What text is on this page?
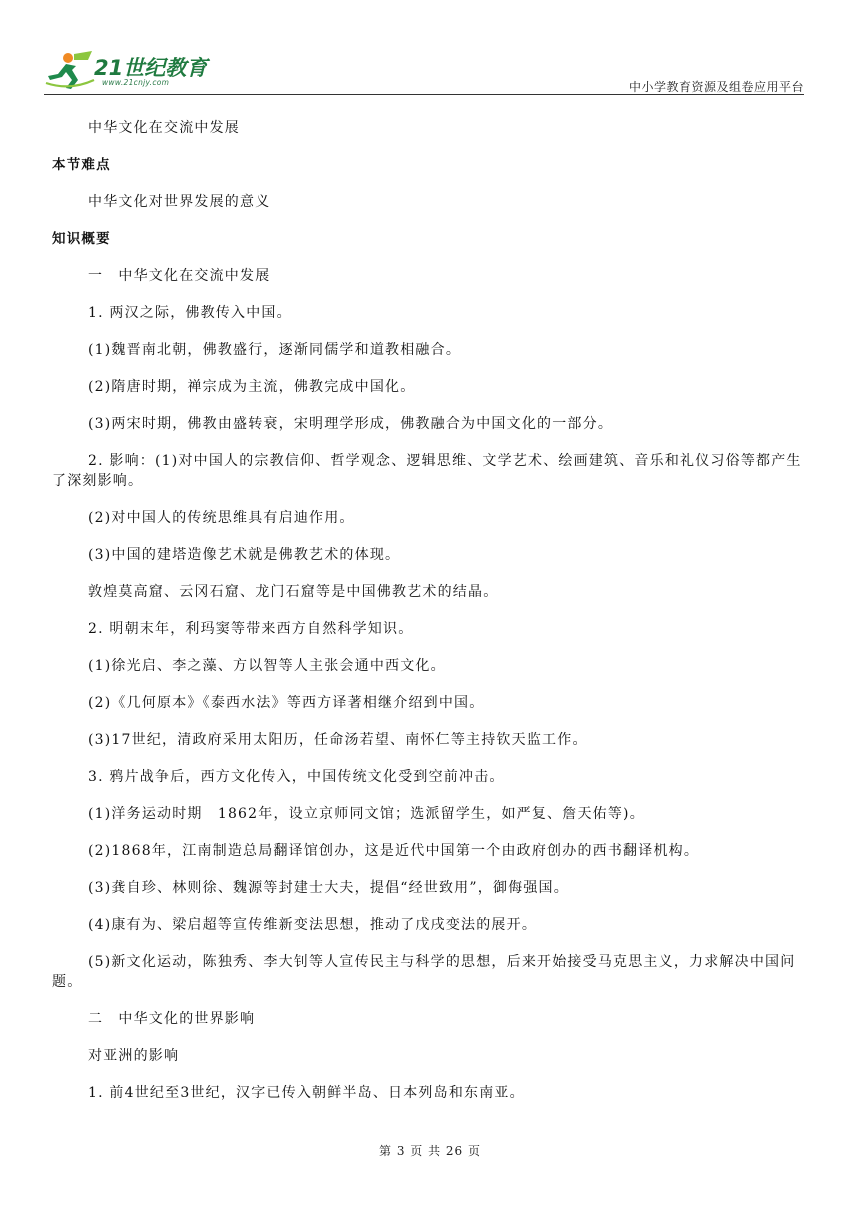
21世纪教育
www.21cnjy.com	中小学教育资源及组卷应用平台

中华文化在交流中发展

本节难点

中华文化对世界发展的意义

知识概要

一　中华文化在交流中发展

1. 两汉之际，佛教传入中国。

(1)魏晋南北朝，佛教盛行，逐渐同儒学和道教相融合。

(2)隋唐时期，禅宗成为主流，佛教完成中国化。

(3)两宋时期，佛教由盛转衰，宋明理学形成，佛教融合为中国文化的一部分。

2. 影响：(1)对中国人的宗教信仰、哲学观念、逻辑思维、文学艺术、绘画建筑、音乐和礼仪习俗等都产生了深刻影响。

(2)对中国人的传统思维具有启迪作用。

(3)中国的建塔造像艺术就是佛教艺术的体现。

敦煌莫高窟、云冈石窟、龙门石窟等是中国佛教艺术的结晶。

2. 明朝末年，利玛窦等带来西方自然科学知识。

(1)徐光启、李之藻、方以智等人主张会通中西文化。

(2)《几何原本》《泰西水法》等西方译著相继介绍到中国。

(3)17世纪，清政府采用太阳历，任命汤若望、南怀仁等主持钦天监工作。

3. 鸦片战争后，西方文化传入，中国传统文化受到空前冲击。

(1)洋务运动时期　1862年，设立京师同文馆；选派留学生，如严复、詹天佑等)。

(2)1868年，江南制造总局翻译馆创办，这是近代中国第一个由政府创办的西书翻译机构。

(3)龚自珍、林则徐、魏源等封建士大夫，提倡“经世致用”，御侮强国。

(4)康有为、梁启超等宣传维新变法思想，推动了戊戌变法的展开。

(5)新文化运动，陈独秀、李大钊等人宣传民主与科学的思想，后来开始接受马克思主义，力求解决中国问题。

二　中华文化的世界影响

对亚洲的影响

1. 前4世纪至3世纪，汉字已传入朝鲜半岛、日本列岛和东南亚。

第 3 页 共 26 页
